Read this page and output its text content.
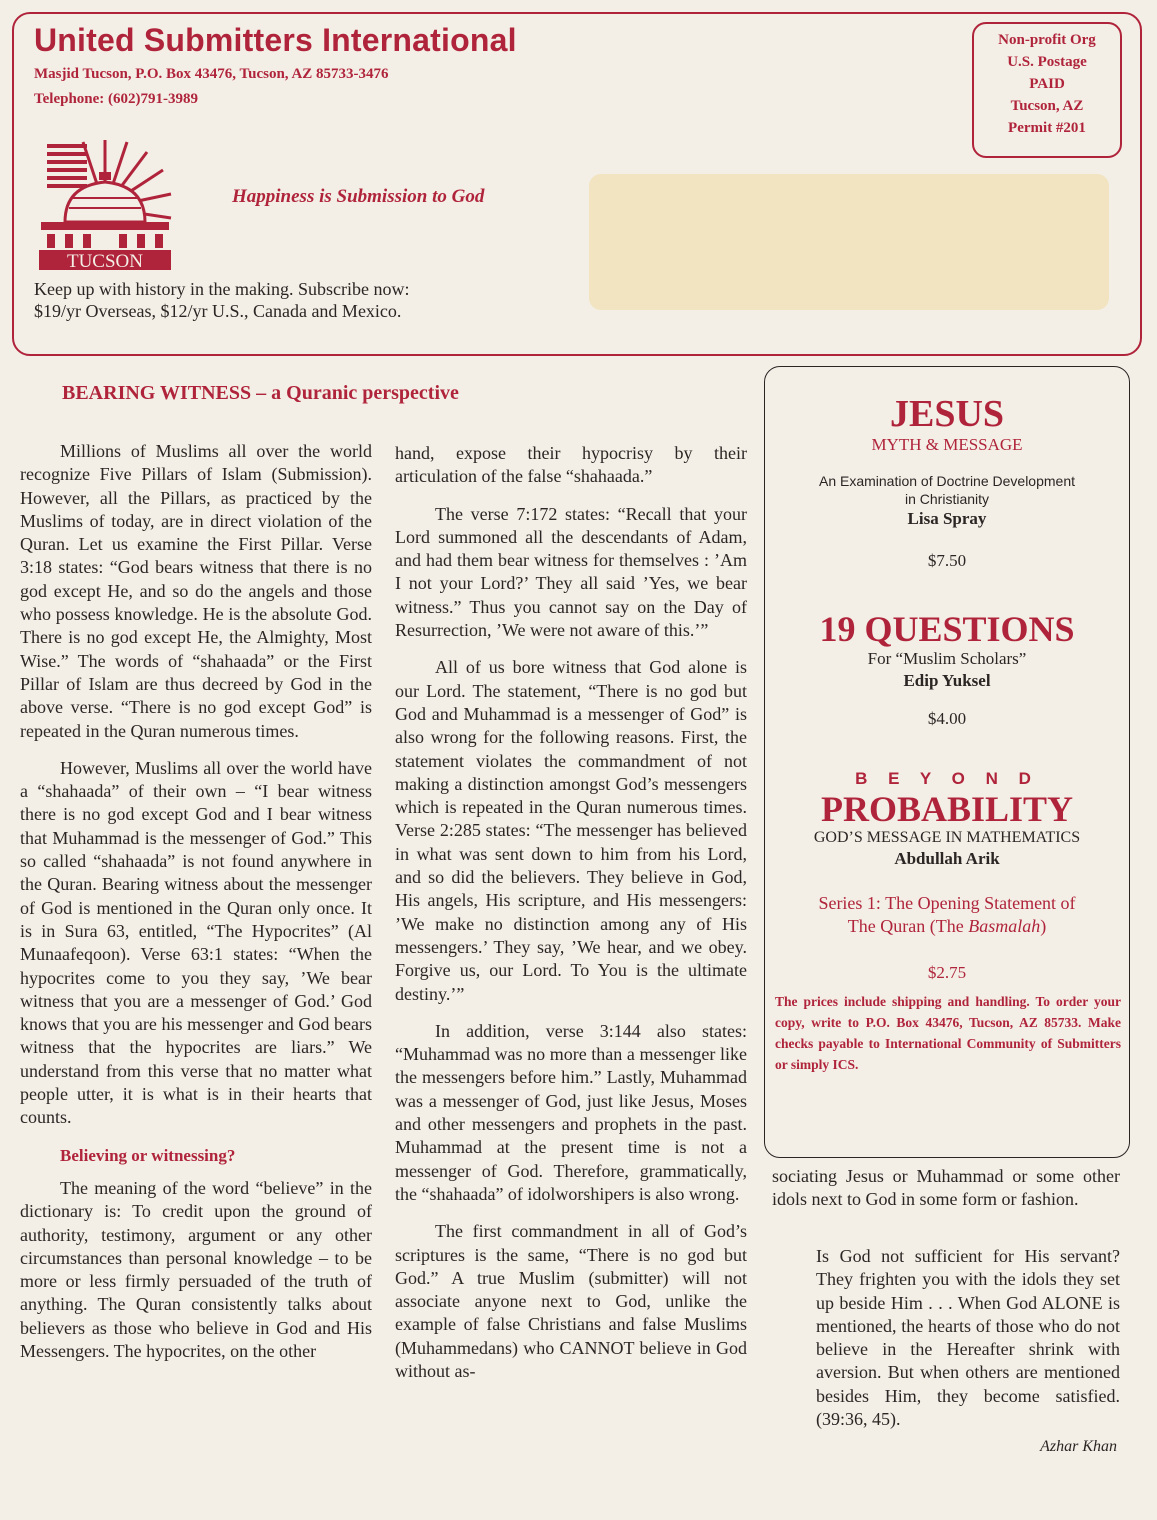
United Submitters International
Masjid Tucson, P.O. Box 43476, Tucson, AZ 85733-3476
Telephone: (602)791-3989
Non-profit Org
U.S. Postage
PAID
Tucson, AZ
Permit #201
TUCSON
Happiness is Submission to God
Keep up with history in the making. Subscribe now:
$19/yr Overseas, $12/yr U.S., Canada and Mexico.
BEARING WITNESS – a Quranic perspective

Millions of Muslims all over the world recognize Five Pillars of Islam (Submission). However, all the Pillars, as practiced by the Muslims of today, are in direct violation of the Quran. Let us examine the First Pillar. Verse 3:18 states: “God bears witness that there is no god except He, and so do the angels and those who possess knowledge. He is the absolute God. There is no god except He, the Almighty, Most Wise.” The words of “shahaada” or the First Pillar of Islam are thus decreed by God in the above verse. “There is no god except God” is repeated in the Quran numerous times.

However, Muslims all over the world have a “shahaada” of their own – “I bear witness there is no god except God and I bear witness that Muhammad is the messenger of God.” This so called “shahaada” is not found anywhere in the Quran. Bearing witness about the messenger of God is mentioned in the Quran only once. It is in Sura 63, entitled, “The Hypocrites” (Al Munaafeqoon). Verse 63:1 states: “When the hypocrites come to you they say, ’We bear witness that you are a messenger of God.’ God knows that you are his messenger and God bears witness that the hypocrites are liars.” We understand from this verse that no matter what people utter, it is what is in their hearts that counts.

Believing or witnessing?

The meaning of the word “believe” in the dictionary is: To credit upon the ground of authority, testimony, argument or any other circumstances than personal knowledge – to be more or less firmly persuaded of the truth of anything. The Quran consistently talks about believers as those who believe in God and His Messengers. The hypocrites, on the other

hand, expose their hypocrisy by their articulation of the false “shahaada.”

The verse 7:172 states: “Recall that your Lord summoned all the descendants of Adam, and had them bear witness for themselves : ’Am I not your Lord?’ They all said ’Yes, we bear witness.” Thus you cannot say on the Day of Resurrection, ’We were not aware of this.’”

All of us bore witness that God alone is our Lord. The statement, “There is no god but God and Muhammad is a messenger of God” is also wrong for the following reasons. First, the statement violates the commandment of not making a distinction amongst God’s messengers which is repeated in the Quran numerous times. Verse 2:285 states: “The messenger has believed in what was sent down to him from his Lord, and so did the believers. They believe in God, His angels, His scripture, and His messengers: ’We make no distinction among any of His messengers.’ They say, ’We hear, and we obey. Forgive us, our Lord. To You is the ultimate destiny.’”

In addition, verse 3:144 also states: “Muhammad was no more than a messenger like the messengers before him.” Lastly, Muhammad was a messenger of God, just like Jesus, Moses and other messengers and prophets in the past. Muhammad at the present time is not a messenger of God. Therefore, grammatically, the “shahaada” of idolworshipers is also wrong.

The first commandment in all of God’s scriptures is the same, “There is no god but God.” A true Muslim (submitter) will not associate anyone next to God, unlike the example of false Christians and false Muslims (Muhammedans) who CANNOT believe in God without as-

JESUS

MYTH & MESSAGE
An Examination of Doctrine Development
in Christianity
Lisa Spray
$7.50

19 QUESTIONS

For “Muslim Scholars”
Edip Yuksel
$4.00
B E Y O N D

PROBABILITY

GOD’S MESSAGE IN MATHEMATICS
Abdullah Arik
Series 1: The Opening Statement of
The Quran (The Basmalah)
$2.75
The prices include shipping and handling. To order your copy, write to P.O. Box 43476, Tucson, AZ 85733. Make checks payable to International Community of Submitters or simply ICS.
sociating Jesus or Muhammad or some other idols next to God in some form or fashion.
Is God not sufficient for His servant? They frighten you with the idols they set up beside Him . . . When God ALONE is mentioned, the hearts of those who do not believe in the Hereafter shrink with aversion. But when others are mentioned besides Him, they become satisfied. (39:36, 45).
Azhar Khan
